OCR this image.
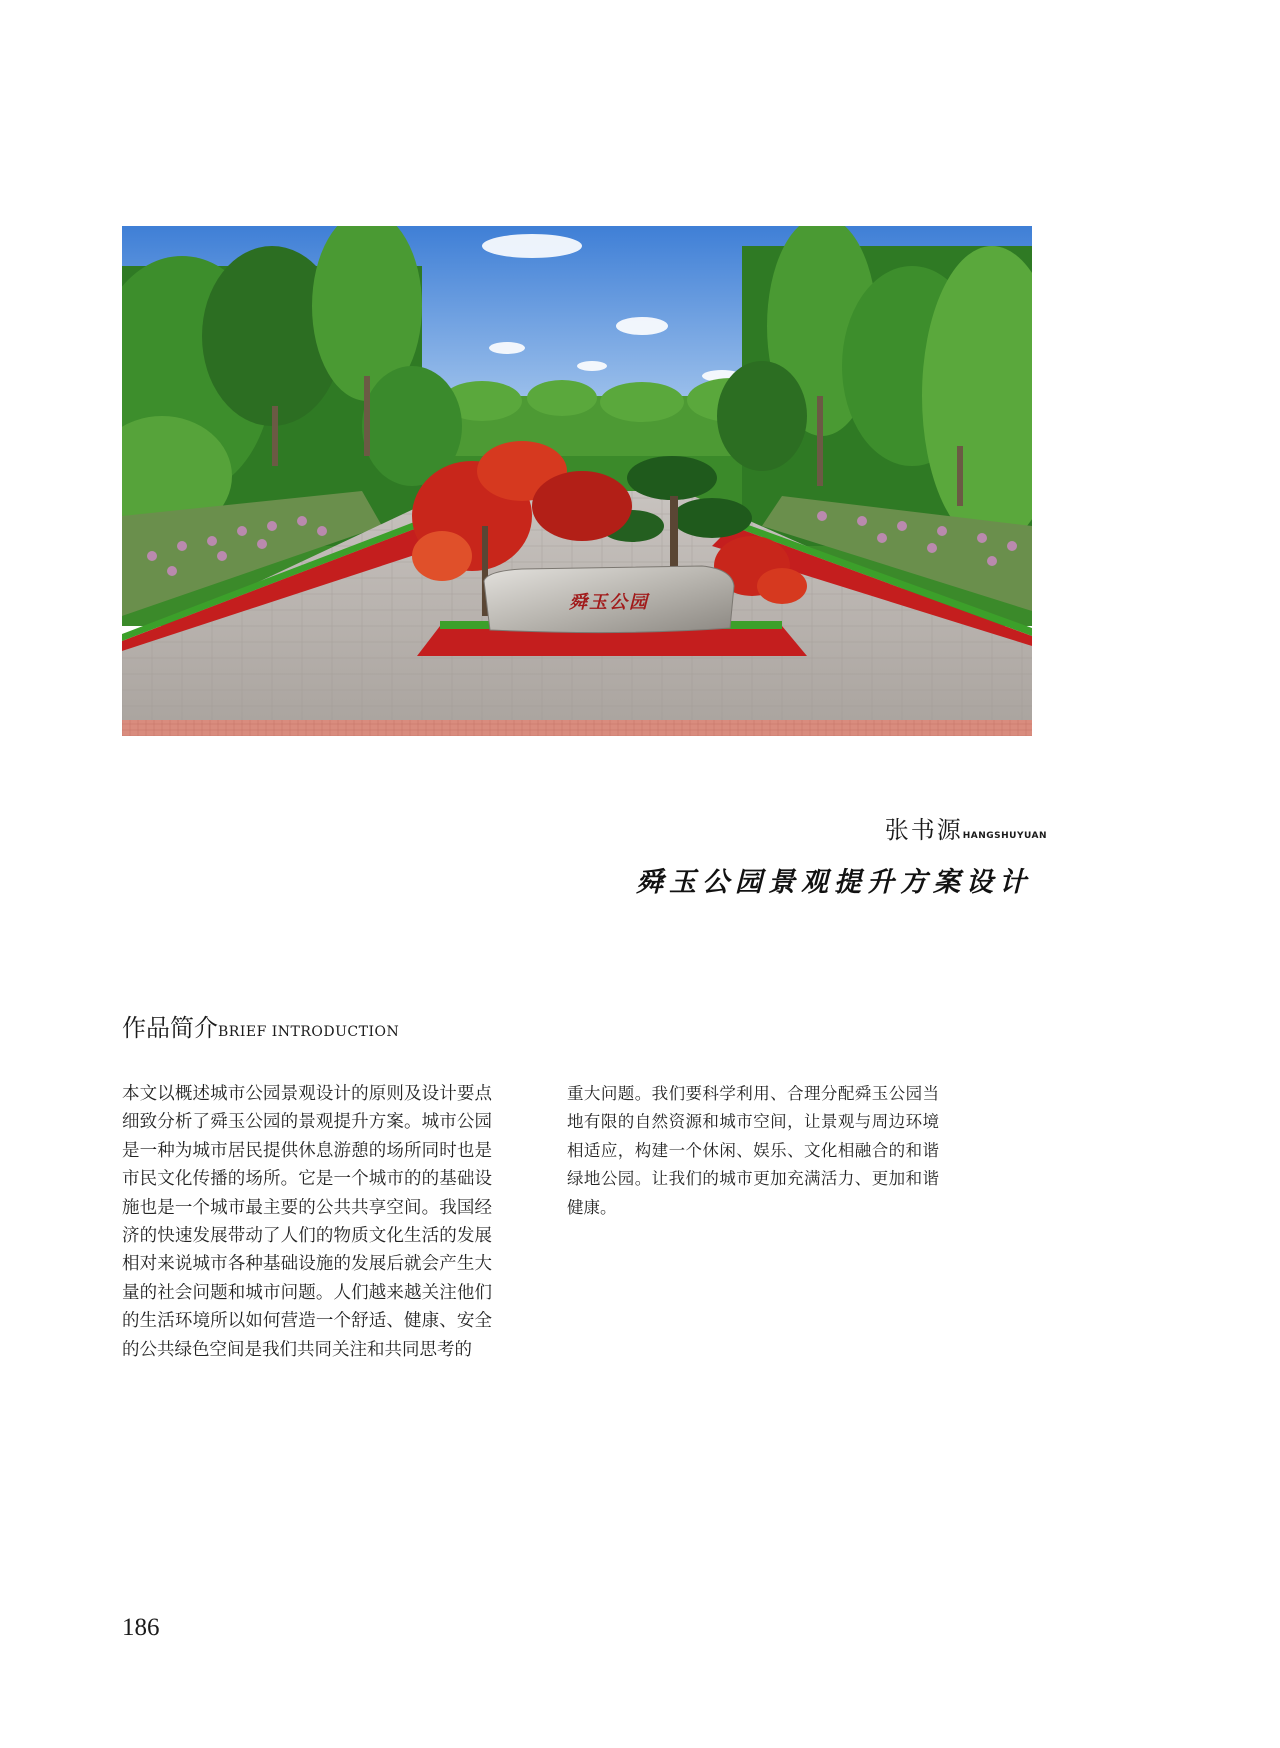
舜玉公园
张书源HANGSHUYUAN
舜玉公园景观提升方案设计
作品简介BRIEF INTRODUCTION

本文以概述城市公园景观设计的原则及设计要点细致分析了舜玉公园的景观提升方案。城市公园是一种为城市居民提供休息游憩的场所同时也是市民文化传播的场所。它是一个城市的的基础设施也是一个城市最主要的公共共享空间。我国经济的快速发展带动了人们的物质文化生活的发展相对来说城市各种基础设施的发展后就会产生大量的社会问题和城市问题。人们越来越关注他们的生活环境所以如何营造一个舒适、健康、安全的公共绿色空间是我们共同关注和共同思考的

重大问题。我们要科学利用、合理分配舜玉公园当地有限的自然资源和城市空间，让景观与周边环境相适应，构建一个休闲、娱乐、文化相融合的和谐绿地公园。让我们的城市更加充满活力、更加和谐健康。

186
